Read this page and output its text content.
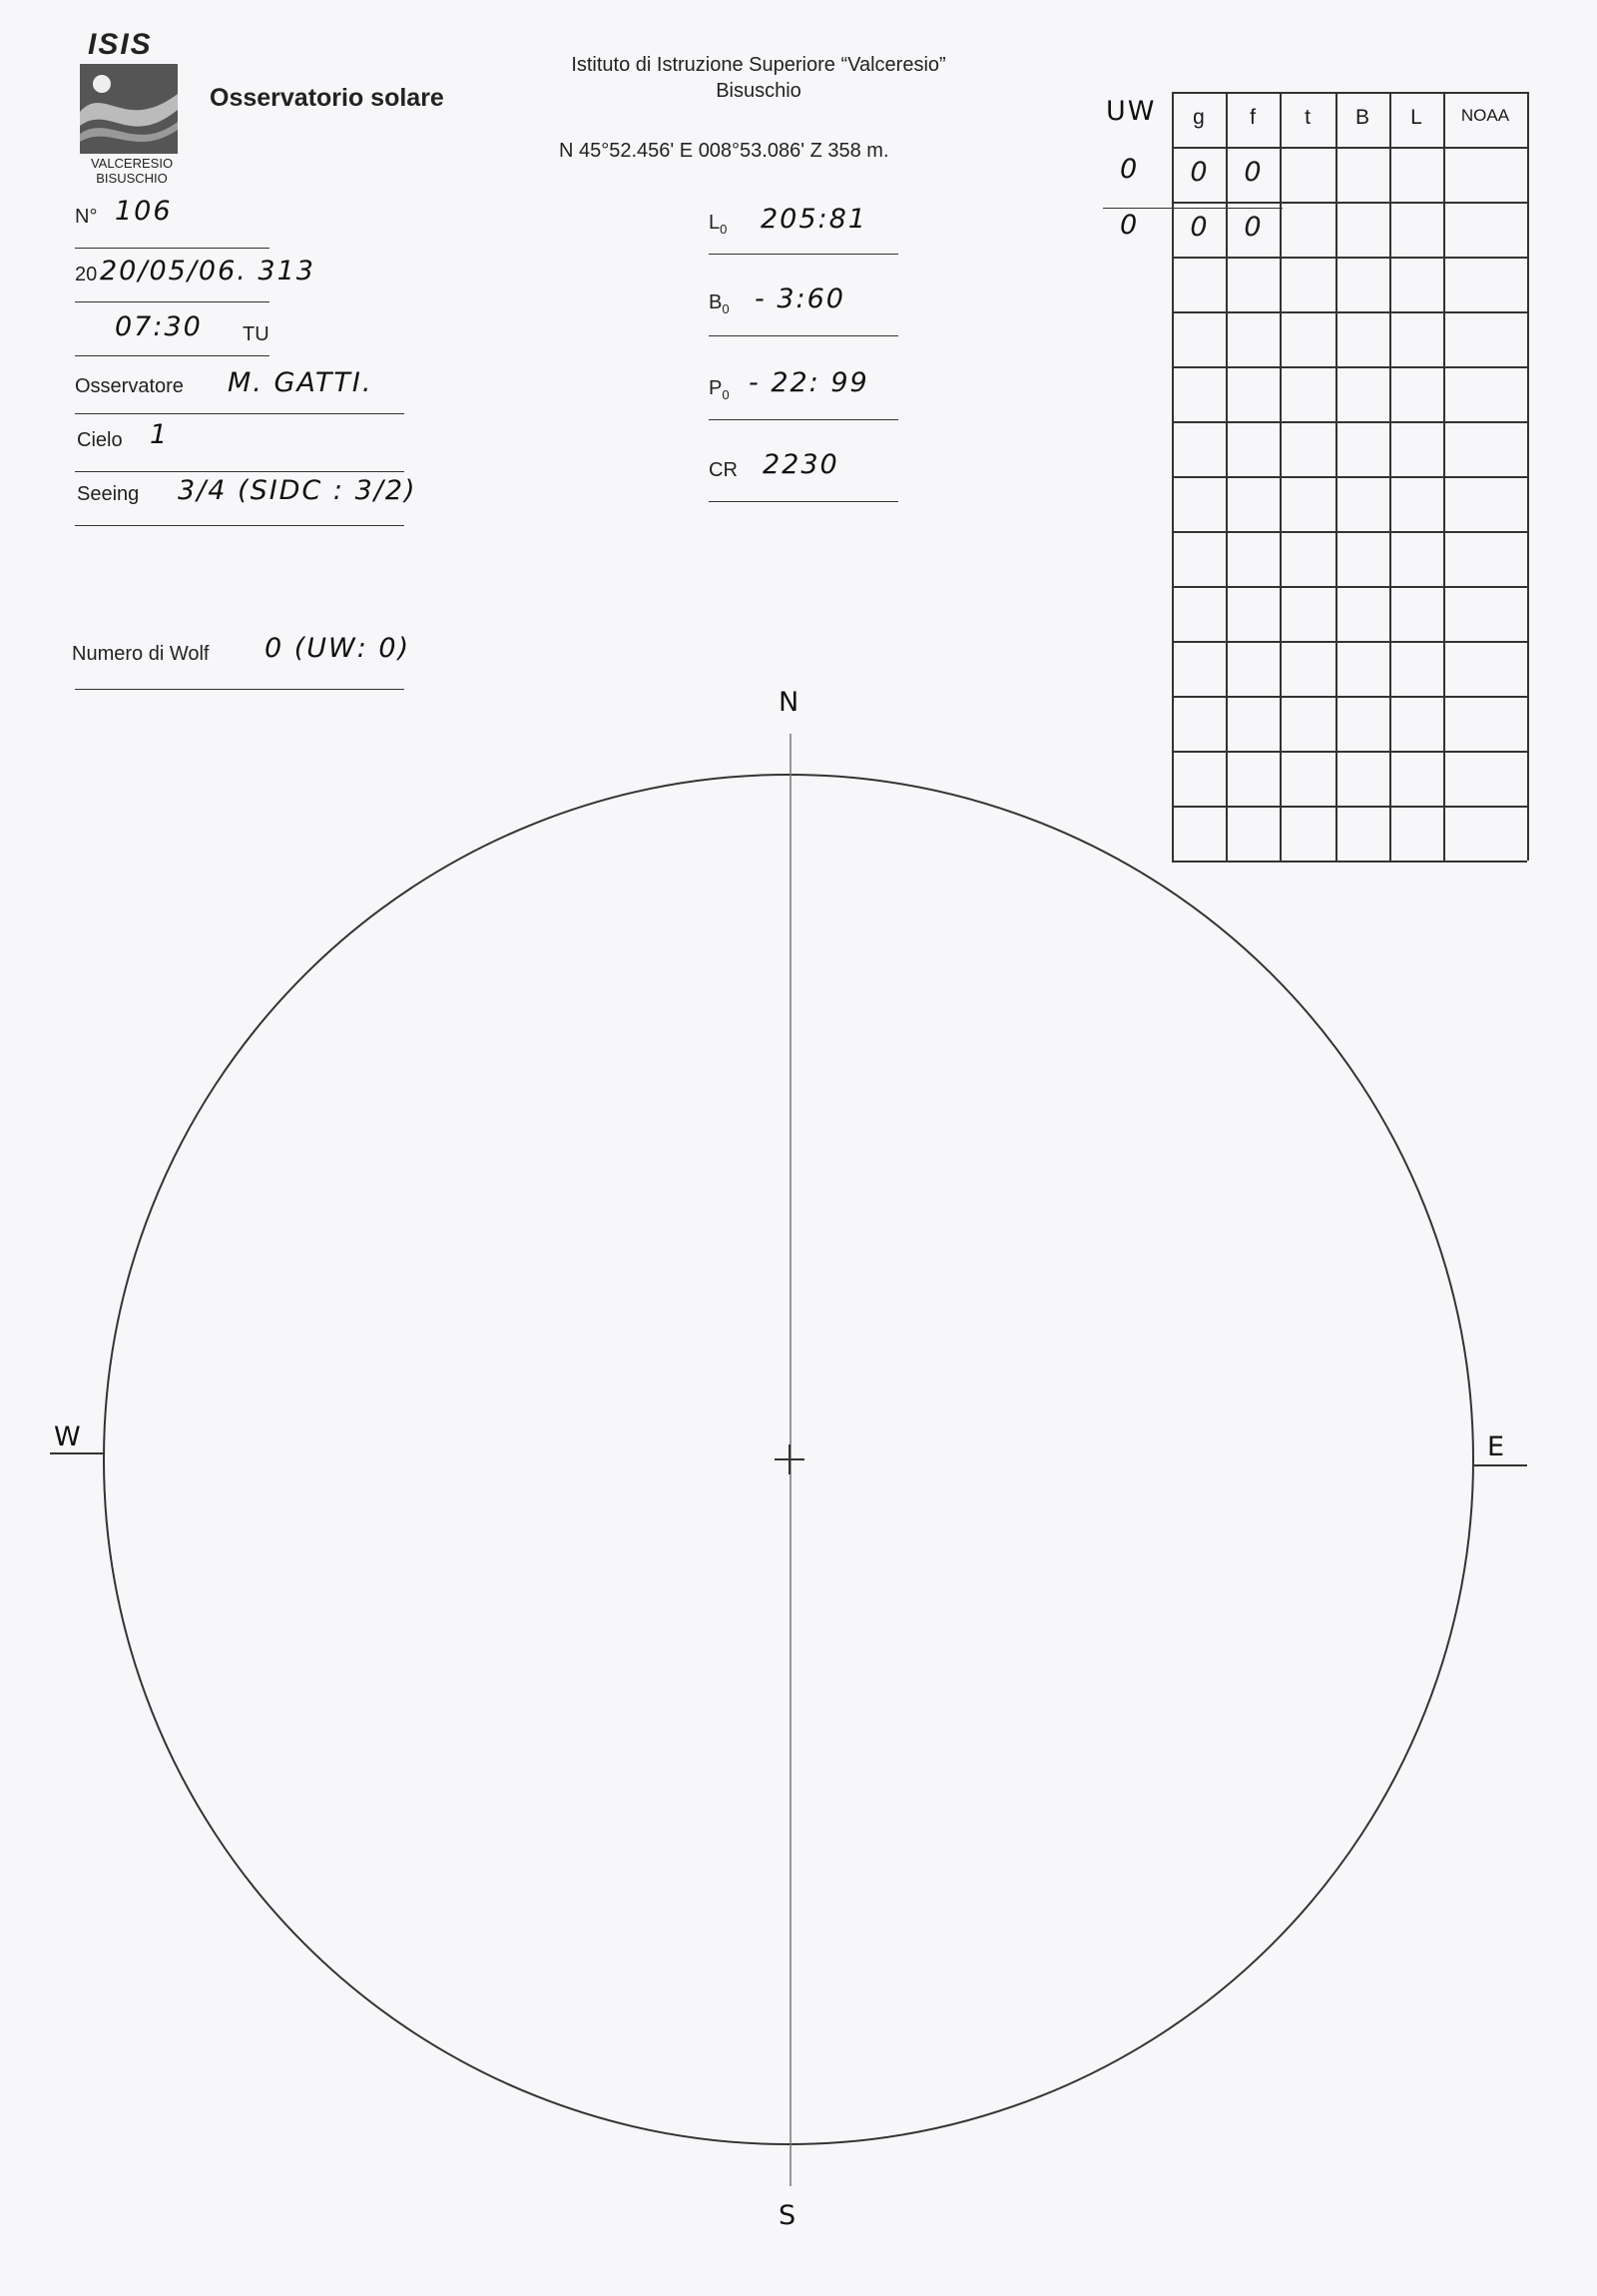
ISIS
VALCERESIO
BISUSCHIO
Osservatorio solare
Istituto di Istruzione Superiore “Valceresio”
Bisuschio
N 45°52.456' E 008°53.086' Z 358 m.
N° 106
20 20/05/06. 313
07:30 TU
Osservatore M. GATTI.
Cielo 1
Seeing 3/4 (SIDC : 3/2)
Numero di Wolf 0 (UW: 0)
$L_0$ 205:81
$B_0$ - 3:60
$P_0 - 22$: 99
CR 2230
UW
0
0
g	f	t	B	L	NOAA
0	0
0	0
N
S
E
W
